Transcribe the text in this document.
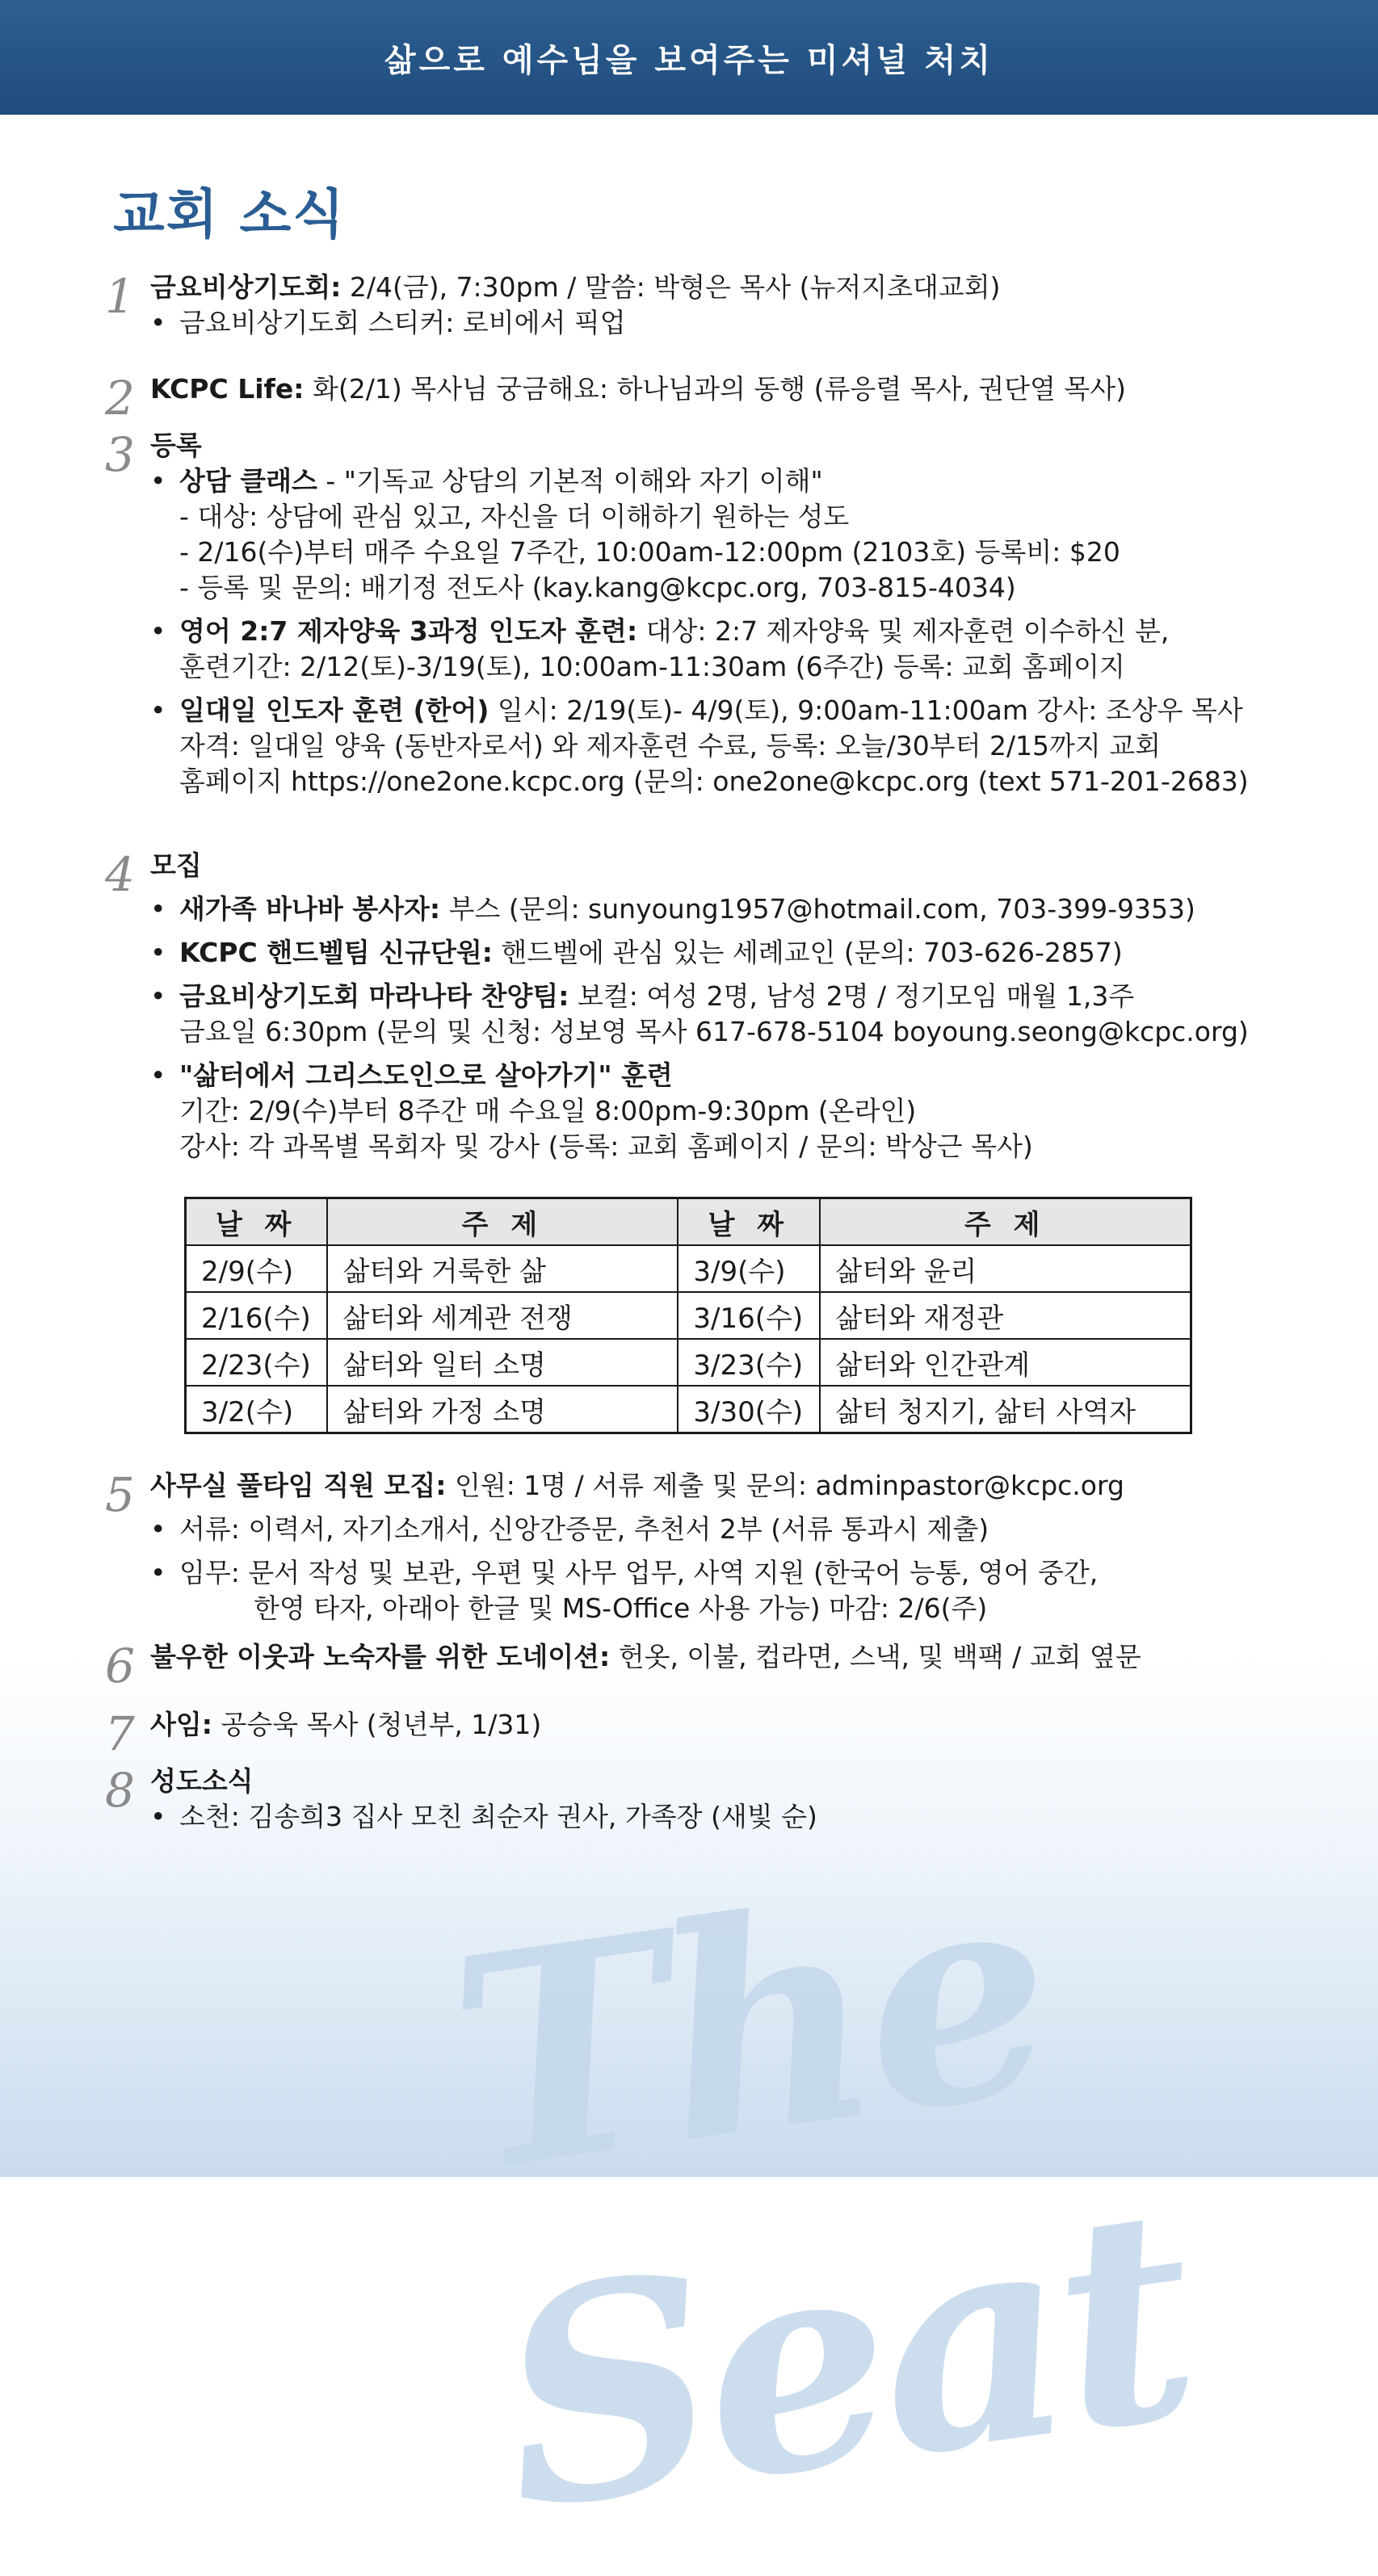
삶으로 예수님을 보여주는 미셔널 처치
교회 소식
The Seat
1 금요비상기도회: 2/4(금), 7:30pm / 말씀: 박형은 목사 (뉴저지초대교회)

• 금요비상기도회 스티커: 로비에서 픽업

2 KCPC Life: 화(2/1) 목사님 궁금해요: 하나님과의 동행 (류응렬 목사, 권단열 목사)

3 등록

• 상담 클래스 - "기독교 상담의 기본적 이해와 자기 이해"

- 대상: 상담에 관심 있고, 자신을 더 이해하기 원하는 성도

- 2/16(수)부터 매주 수요일 7주간, 10:00am-12:00pm (2103호) 등록비: $20

- 등록 및 문의: 배기정 전도사 (kay.kang@kcpc.org, 703-815-4034)

• 영어 2:7 제자양육 3과정 인도자 훈련: 대상: 2:7 제자양육 및 제자훈련 이수하신 분,

훈련기간: 2/12(토)-3/19(토), 10:00am-11:30am (6주간) 등록: 교회 홈페이지

• 일대일 인도자 훈련 (한어) 일시: 2/19(토)- 4/9(토), 9:00am-11:00am 강사: 조상우 목사

자격: 일대일 양육 (동반자로서) 와 제자훈련 수료, 등록: 오늘/30부터 2/15까지 교회

홈페이지 https://one2one.kcpc.org (문의: one2one@kcpc.org (text 571-201-2683)

4 모집

• 새가족 바나바 봉사자: 부스 (문의: sunyoung1957@hotmail.com, 703-399-9353)

• KCPC 핸드벨팀 신규단원: 핸드벨에 관심 있는 세례교인 (문의: 703-626-2857)

• 금요비상기도회 마라나타 찬양팀: 보컬: 여성 2명, 남성 2명 / 정기모임 매월 1,3주

금요일 6:30pm (문의 및 신청: 성보영 목사 617-678-5104 boyoung.seong@kcpc.org)

• "삶터에서 그리스도인으로 살아가기" 훈련

기간: 2/9(수)부터 8주간 매 수요일 8:00pm-9:30pm (온라인)

강사: 각 과목별 목회자 및 강사 (등록: 교회 홈페이지 / 문의: 박상근 목사)

날 짜	주 제	날 짜	주 제
2/9(수)	삶터와 거룩한 삶	3/9(수)	삶터와 윤리
2/16(수)	삶터와 세계관 전쟁	3/16(수)	삶터와 재정관
2/23(수)	삶터와 일터 소명	3/23(수)	삶터와 인간관계
3/2(수)	삶터와 가정 소명	3/30(수)	삶터 청지기, 삶터 사역자
5 사무실 풀타임 직원 모집: 인원: 1명 / 서류 제출 및 문의: adminpastor@kcpc.org

• 서류: 이력서, 자기소개서, 신앙간증문, 추천서 2부 (서류 통과시 제출)

• 임무: 문서 작성 및 보관, 우편 및 사무 업무, 사역 지원 (한국어 능통, 영어 중간,

한영 타자, 아래아 한글 및 MS-Office 사용 가능) 마감: 2/6(주)

6 불우한 이웃과 노숙자를 위한 도네이션: 헌옷, 이불, 컵라면, 스낵, 및 백팩 / 교회 옆문

7 사임: 공승욱 목사 (청년부, 1/31)

8 성도소식

• 소천: 김송희3 집사 모친 최순자 권사, 가족장 (새빛 순)
